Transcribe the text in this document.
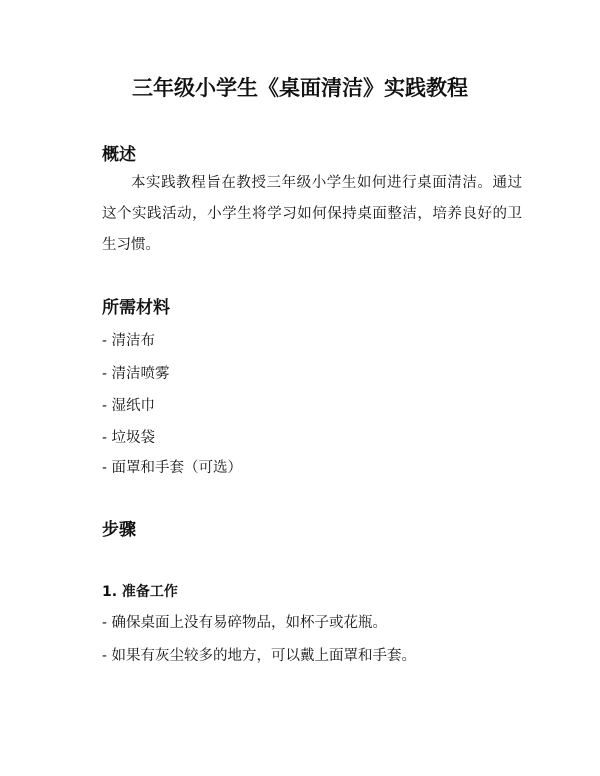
三年级小学生《桌面清洁》实践教程
概述
本实践教程旨在教授三年级小学生如何进行桌面清洁。通过这个实践活动，小学生将学习如何保持桌面整洁，培养良好的卫生习惯。
所需材料
- 清洁布
- 清洁喷雾
- 湿纸巾
- 垃圾袋
- 面罩和手套（可选）
步骤
1. 准备工作
- 确保桌面上没有易碎物品，如杯子或花瓶。
- 如果有灰尘较多的地方，可以戴上面罩和手套。
